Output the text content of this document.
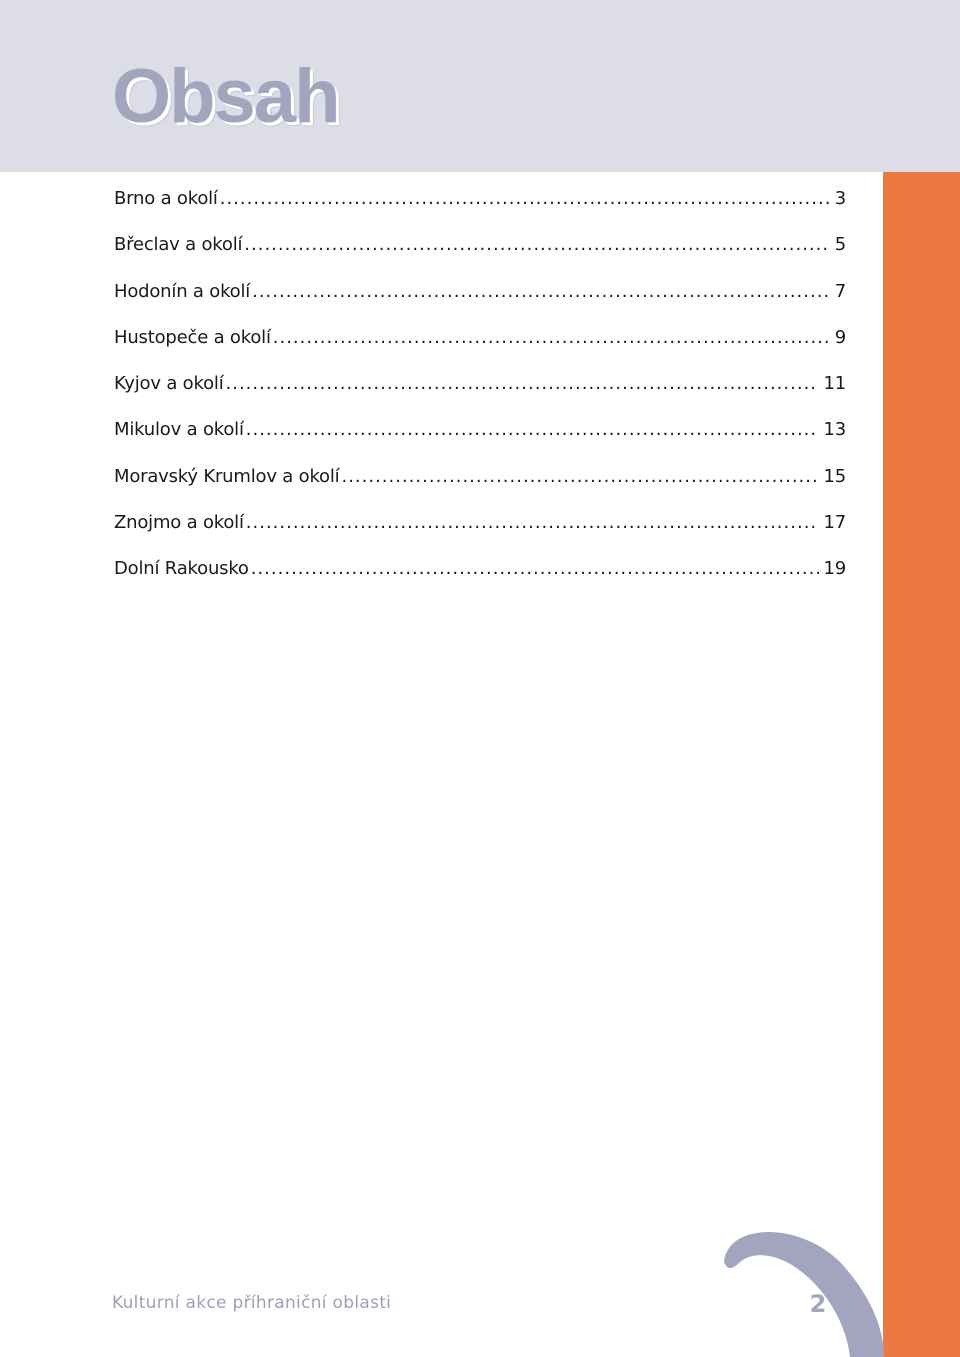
Obsah
Brno a okolí .....	3
Břeclav a okolí .....	5
Hodonín a okolí .....	7
Hustopeče a okolí .....	9
Kyjov a okolí .....	11
Mikulov a okolí .....	13
Moravský Krumlov a okolí .....	15
Znojmo a okolí .....	17
Dolní Rakousko .....	19
Kulturní akce příhraniční oblasti	2
